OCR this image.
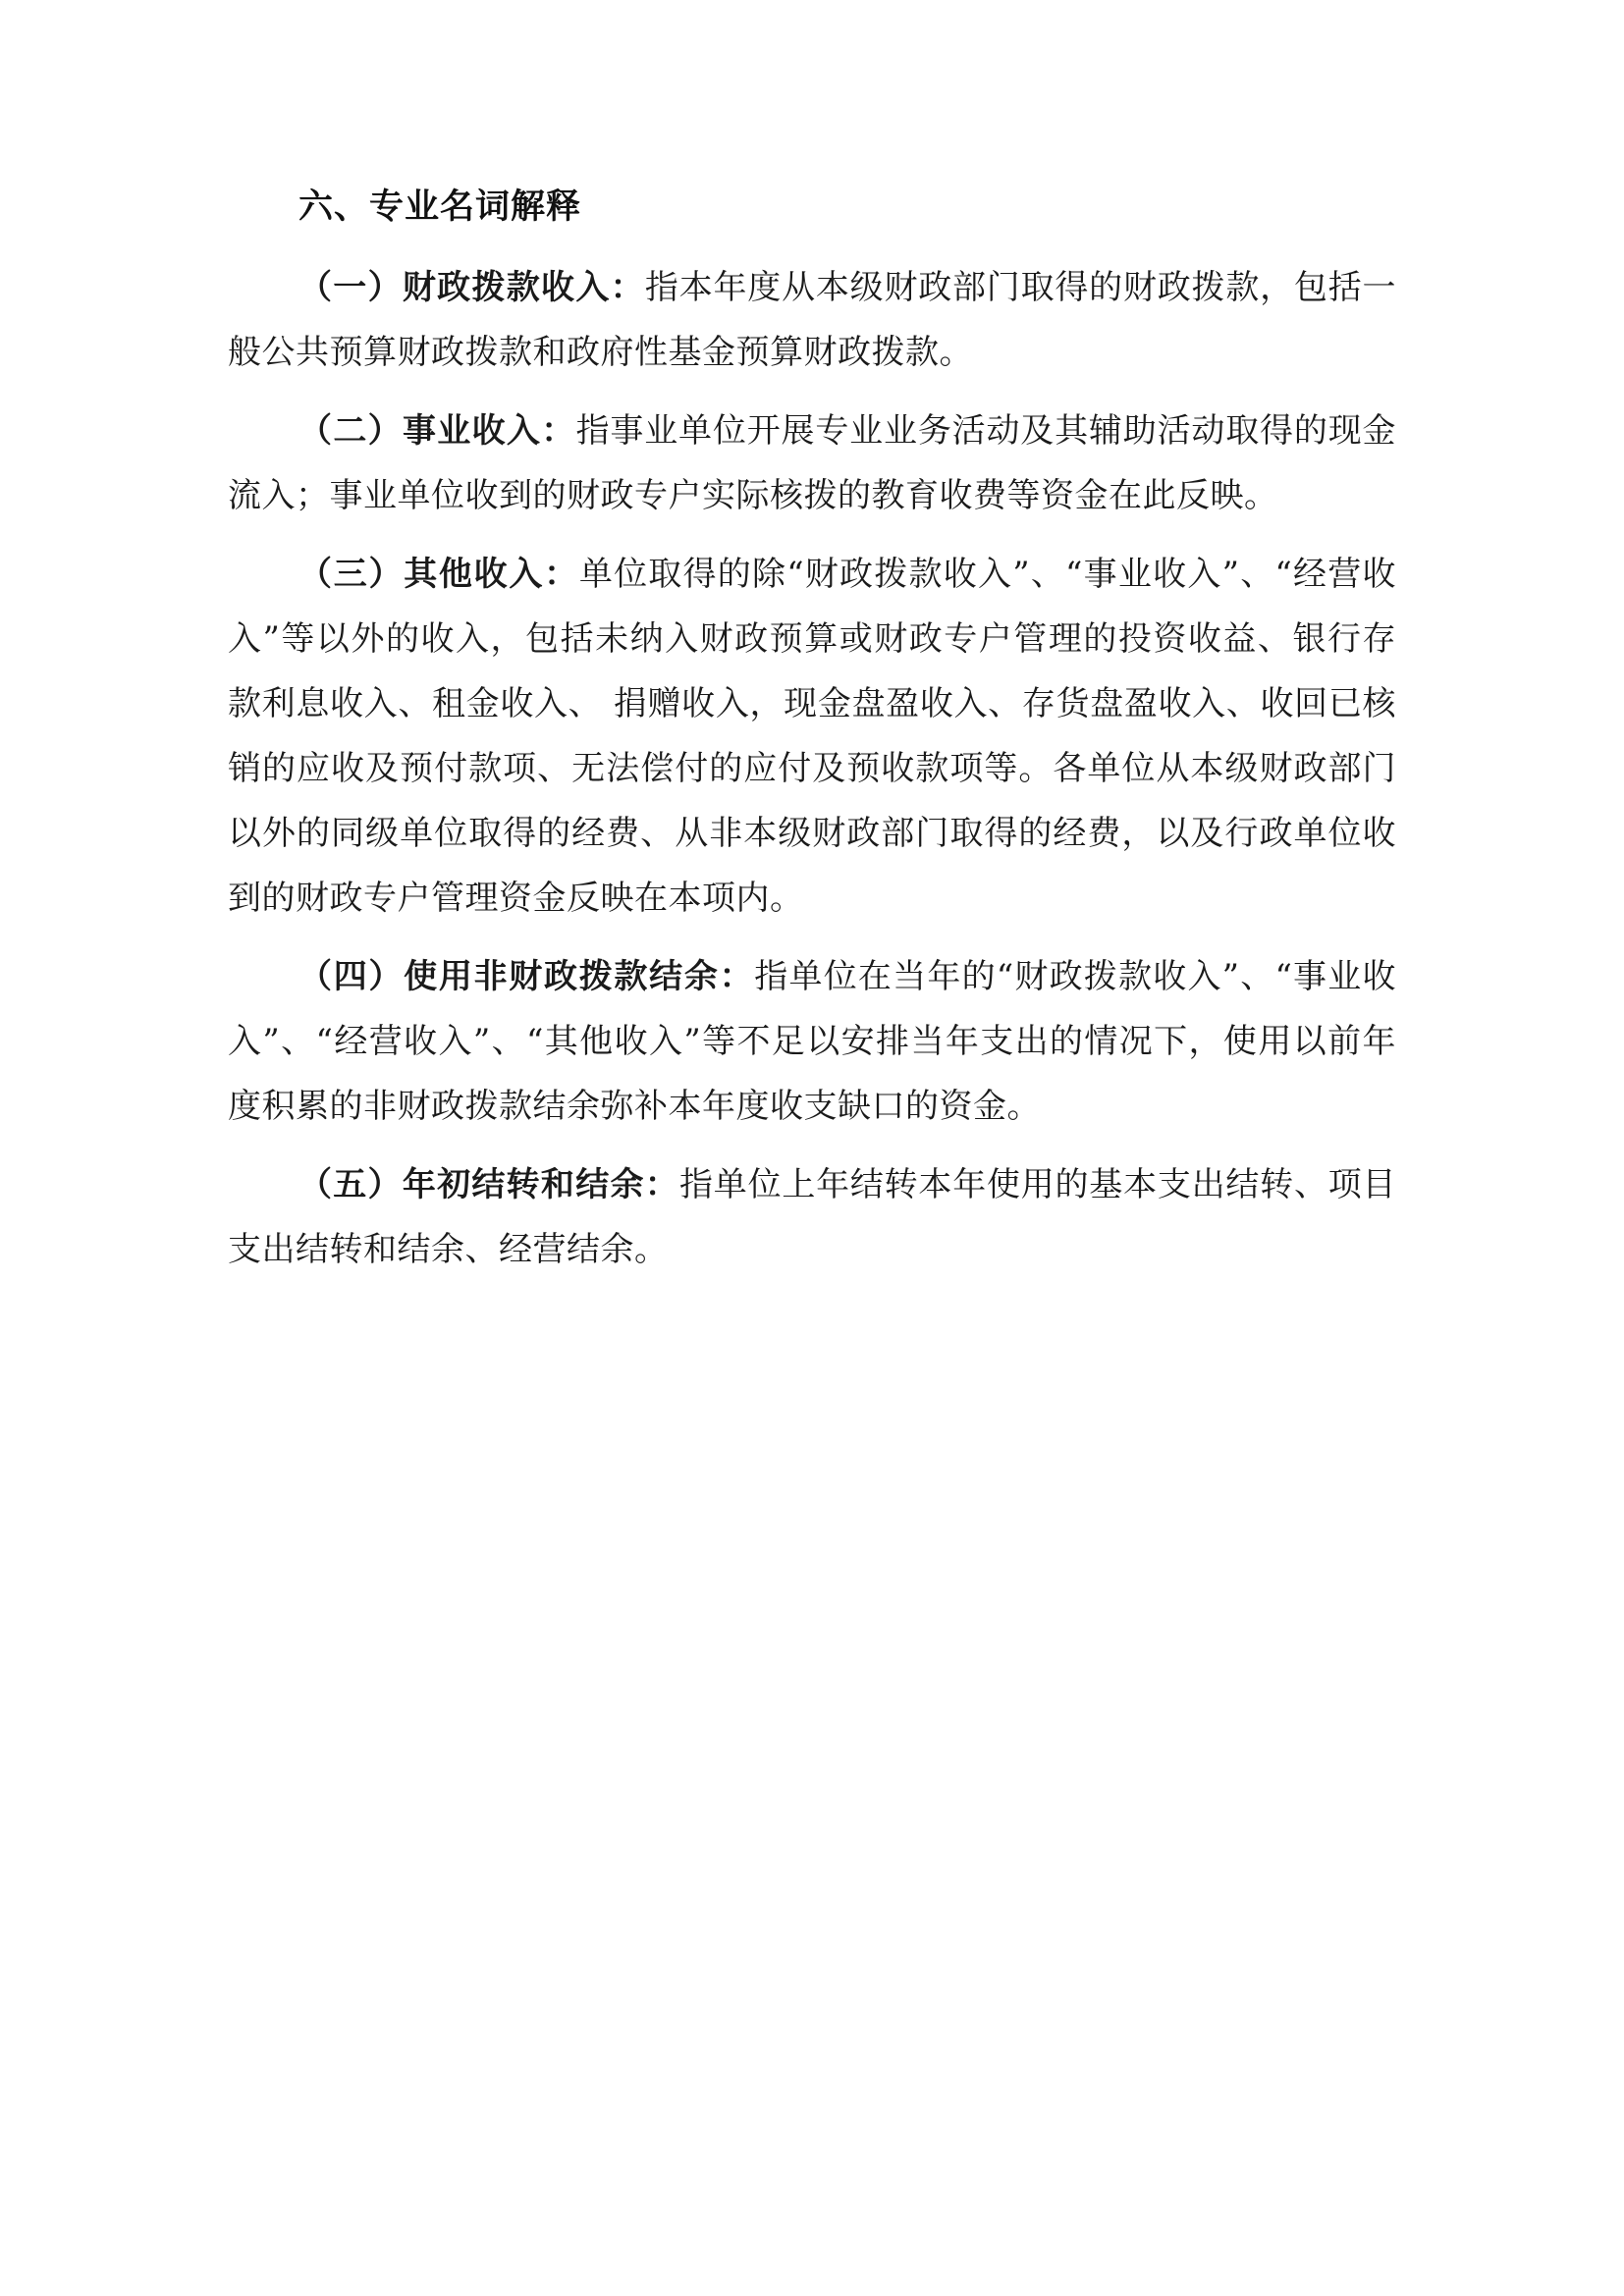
六、专业名词解释

（一）财政拨款收入：指本年度从本级财政部门取得的财政拨款，包括一般公共预算财政拨款和政府性基金预算财政拨款。

（二）事业收入：指事业单位开展专业业务活动及其辅助活动取得的现金流入；事业单位收到的财政专户实际核拨的教育收费等资金在此反映。

（三）其他收入：单位取得的除“财政拨款收入”、“事业收入”、“经营收入”等以外的收入，包括未纳入财政预算或财政专户管理的投资收益、银行存款利息收入、租金收入、 捐赠收入，现金盘盈收入、存货盘盈收入、收回已核销的应收及预付款项、无法偿付的应付及预收款项等。各单位从本级财政部门以外的同级单位取得的经费、从非本级财政部门取得的经费，以及行政单位收到的财政专户管理资金反映在本项内。

（四）使用非财政拨款结余：指单位在当年的“财政拨款收入”、“事业收入”、“经营收入”、“其他收入”等不足以安排当年支出的情况下，使用以前年度积累的非财政拨款结余弥补本年度收支缺口的资金。

（五）年初结转和结余：指单位上年结转本年使用的基本支出结转、项目支出结转和结余、经营结余。
